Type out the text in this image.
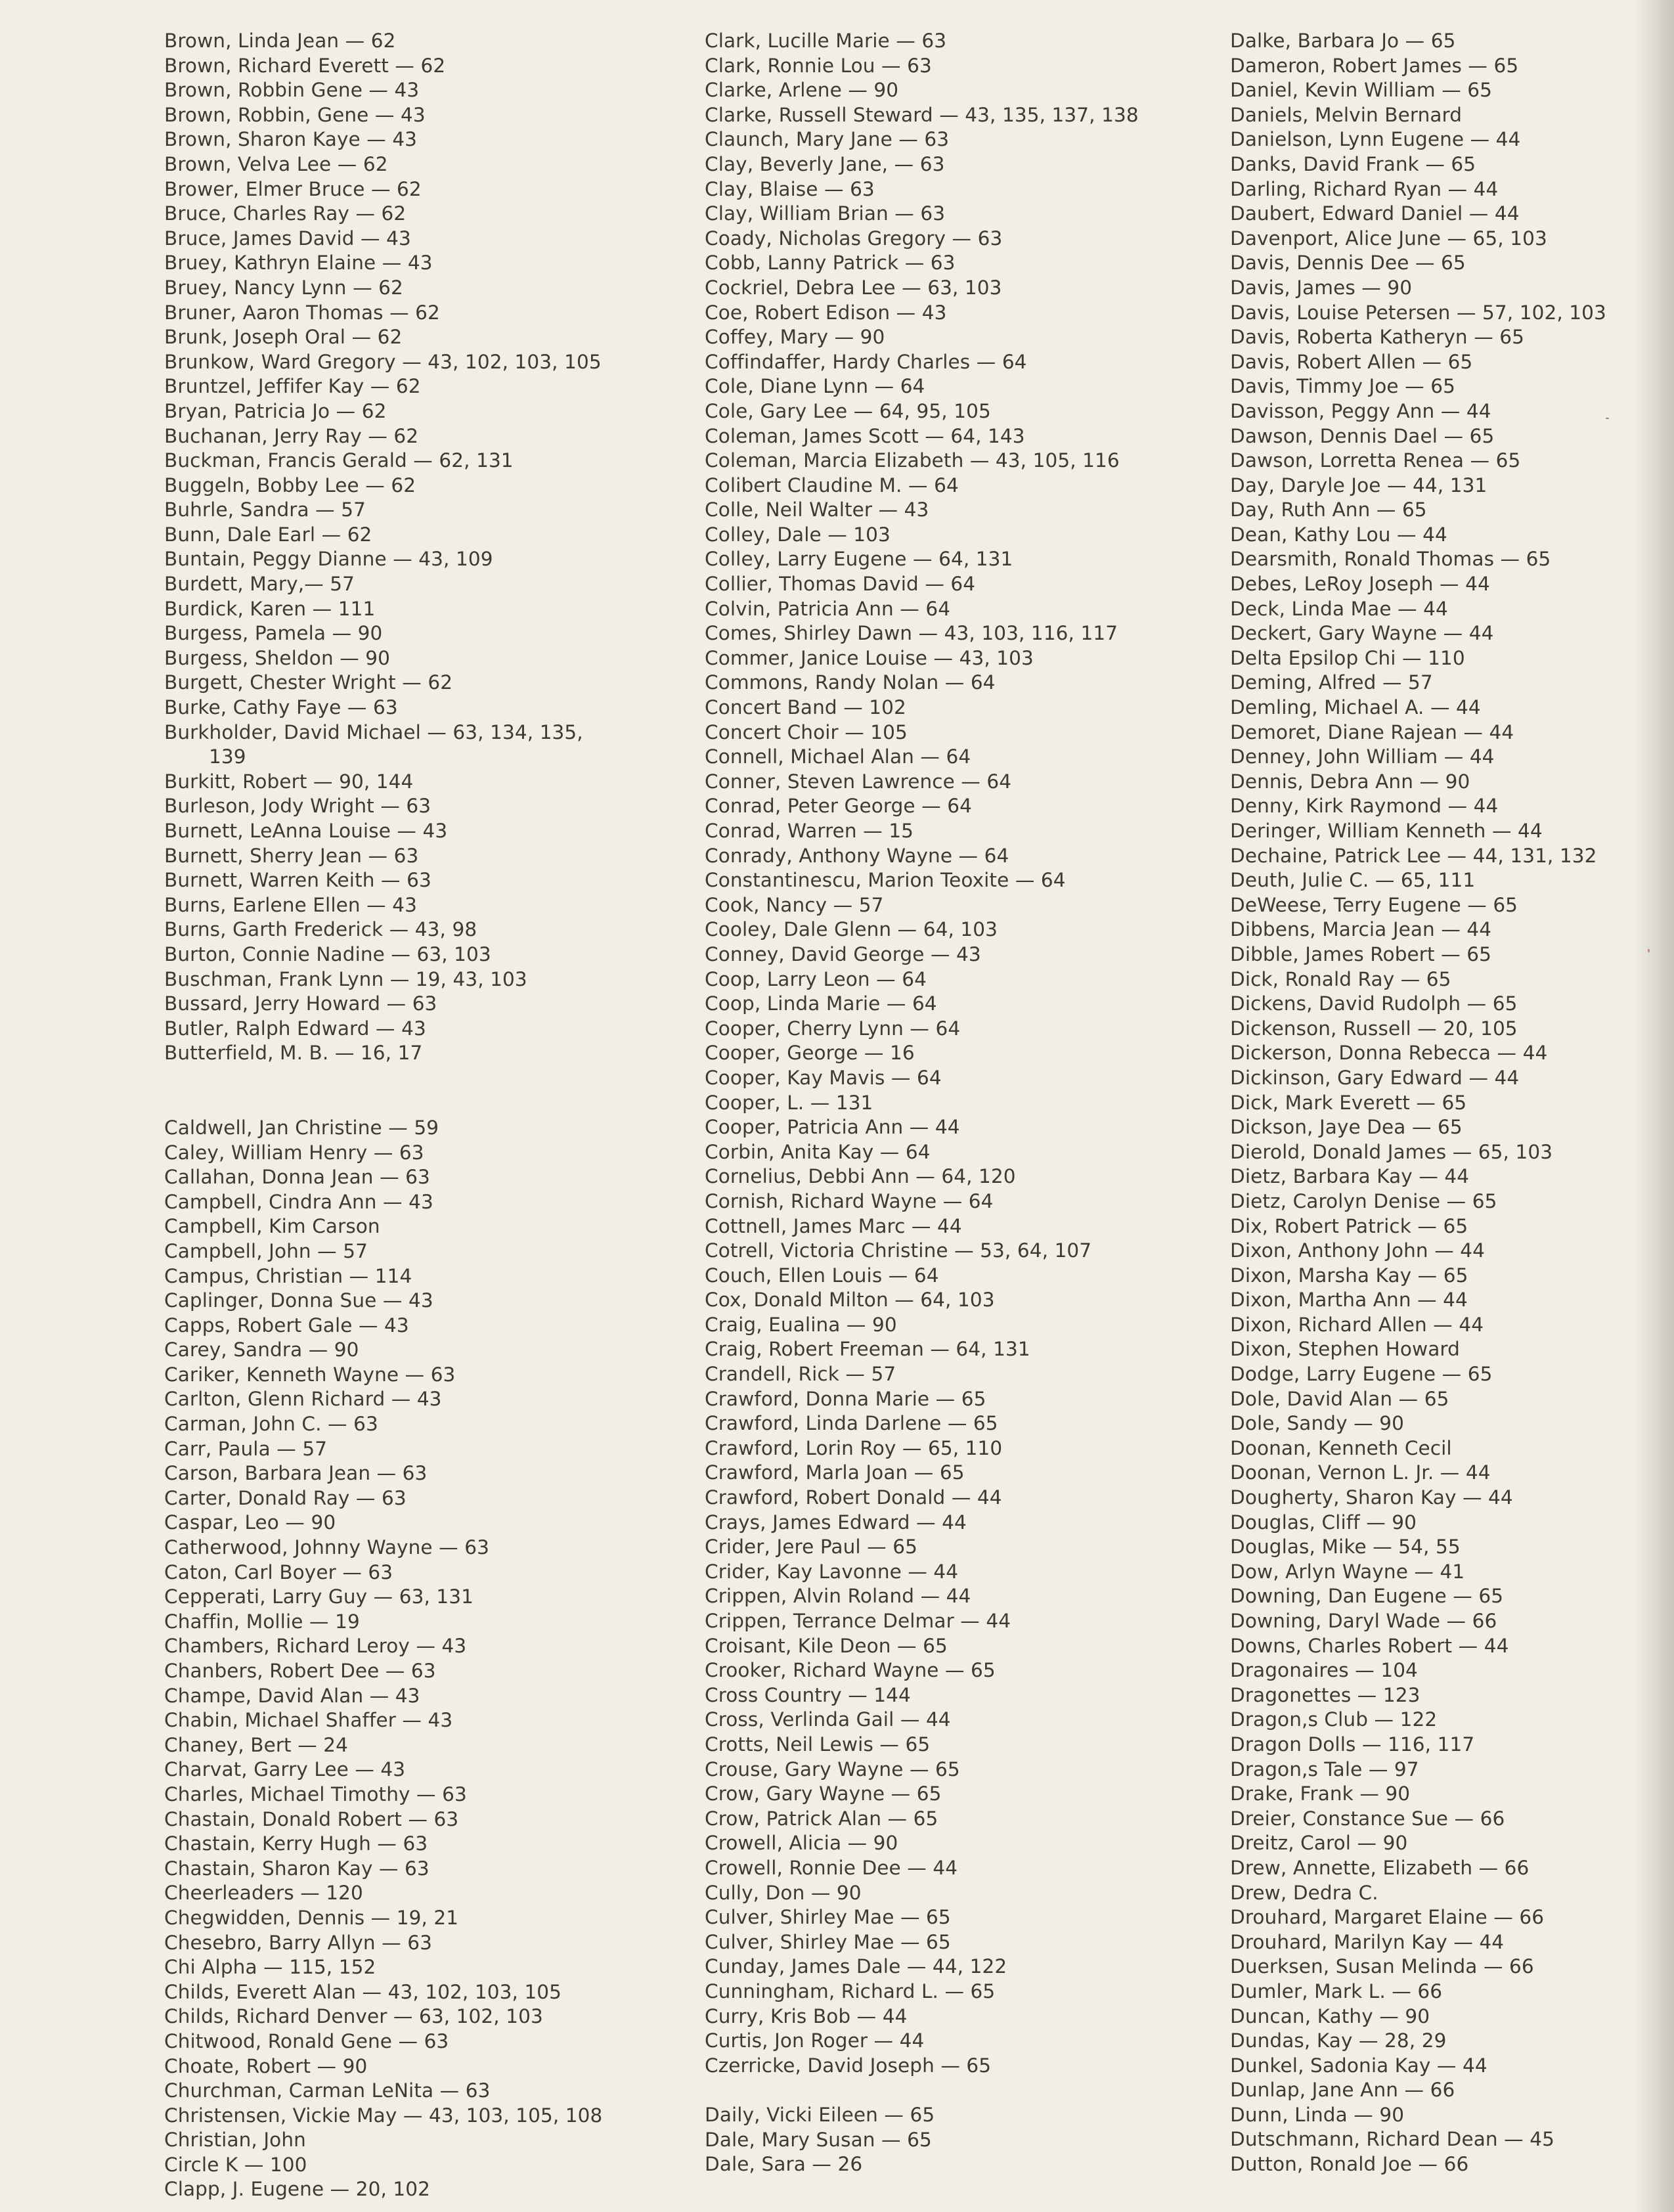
Brown, Linda Jean — 62
Brown, Richard Everett — 62
Brown, Robbin Gene — 43
Brown, Robbin, Gene — 43
Brown, Sharon Kaye — 43
Brown, Velva Lee — 62
Brower, Elmer Bruce — 62
Bruce, Charles Ray — 62
Bruce, James David — 43
Bruey, Kathryn Elaine — 43
Bruey, Nancy Lynn — 62
Bruner, Aaron Thomas — 62
Brunk, Joseph Oral — 62
Brunkow, Ward Gregory — 43, 102, 103, 105
Bruntzel, Jeffifer Kay — 62
Bryan, Patricia Jo — 62
Buchanan, Jerry Ray — 62
Buckman, Francis Gerald — 62, 131
Buggeln, Bobby Lee — 62
Buhrle, Sandra — 57
Bunn, Dale Earl — 62
Buntain, Peggy Dianne — 43, 109
Burdett, Mary,— 57
Burdick, Karen — 111
Burgess, Pamela — 90
Burgess, Sheldon — 90
Burgett, Chester Wright — 62
Burke, Cathy Faye — 63
Burkholder, David Michael — 63, 134, 135,
139
Burkitt, Robert — 90, 144
Burleson, Jody Wright — 63
Burnett, LeAnna Louise — 43
Burnett, Sherry Jean — 63
Burnett, Warren Keith — 63
Burns, Earlene Ellen — 43
Burns, Garth Frederick — 43, 98
Burton, Connie Nadine — 63, 103
Buschman, Frank Lynn — 19, 43, 103
Bussard, Jerry Howard — 63
Butler, Ralph Edward — 43
Butterfield, M. B. — 16, 17
Caldwell, Jan Christine — 59
Caley, William Henry — 63
Callahan, Donna Jean — 63
Campbell, Cindra Ann — 43
Campbell, Kim Carson
Campbell, John — 57
Campus, Christian — 114
Caplinger, Donna Sue — 43
Capps, Robert Gale — 43
Carey, Sandra — 90
Cariker, Kenneth Wayne — 63
Carlton, Glenn Richard — 43
Carman, John C. — 63
Carr, Paula — 57
Carson, Barbara Jean — 63
Carter, Donald Ray — 63
Caspar, Leo — 90
Catherwood, Johnny Wayne — 63
Caton, Carl Boyer — 63
Cepperati, Larry Guy — 63, 131
Chaffin, Mollie — 19
Chambers, Richard Leroy — 43
Chanbers, Robert Dee — 63
Champe, David Alan — 43
Chabin, Michael Shaffer — 43
Chaney, Bert — 24
Charvat, Garry Lee — 43
Charles, Michael Timothy — 63
Chastain, Donald Robert — 63
Chastain, Kerry Hugh — 63
Chastain, Sharon Kay — 63
Cheerleaders — 120
Chegwidden, Dennis — 19, 21
Chesebro, Barry Allyn — 63
Chi Alpha — 115, 152
Childs, Everett Alan — 43, 102, 103, 105
Childs, Richard Denver — 63, 102, 103
Chitwood, Ronald Gene — 63
Choate, Robert — 90
Churchman, Carman LeNita — 63
Christensen, Vickie May — 43, 103, 105, 108
Christian, John
Circle K — 100
Clapp, J. Eugene — 20, 102
Clark, Lucille Marie — 63
Clark, Ronnie Lou — 63
Clarke, Arlene — 90
Clarke, Russell Steward — 43, 135, 137, 138
Claunch, Mary Jane — 63
Clay, Beverly Jane, — 63
Clay, Blaise — 63
Clay, William Brian — 63
Coady, Nicholas Gregory — 63
Cobb, Lanny Patrick — 63
Cockriel, Debra Lee — 63, 103
Coe, Robert Edison — 43
Coffey, Mary — 90
Coffindaffer, Hardy Charles — 64
Cole, Diane Lynn — 64
Cole, Gary Lee — 64, 95, 105
Coleman, James Scott — 64, 143
Coleman, Marcia Elizabeth — 43, 105, 116
Colibert Claudine M. — 64
Colle, Neil Walter — 43
Colley, Dale — 103
Colley, Larry Eugene — 64, 131
Collier, Thomas David — 64
Colvin, Patricia Ann — 64
Comes, Shirley Dawn — 43, 103, 116, 117
Commer, Janice Louise — 43, 103
Commons, Randy Nolan — 64
Concert Band — 102
Concert Choir — 105
Connell, Michael Alan — 64
Conner, Steven Lawrence — 64
Conrad, Peter George — 64
Conrad, Warren — 15
Conrady, Anthony Wayne — 64
Constantinescu, Marion Teoxite — 64
Cook, Nancy — 57
Cooley, Dale Glenn — 64, 103
Conney, David George — 43
Coop, Larry Leon — 64
Coop, Linda Marie — 64
Cooper, Cherry Lynn — 64
Cooper, George — 16
Cooper, Kay Mavis — 64
Cooper, L. — 131
Cooper, Patricia Ann — 44
Corbin, Anita Kay — 64
Cornelius, Debbi Ann — 64, 120
Cornish, Richard Wayne — 64
Cottnell, James Marc — 44
Cotrell, Victoria Christine — 53, 64, 107
Couch, Ellen Louis — 64
Cox, Donald Milton — 64, 103
Craig, Eualina — 90
Craig, Robert Freeman — 64, 131
Crandell, Rick — 57
Crawford, Donna Marie — 65
Crawford, Linda Darlene — 65
Crawford, Lorin Roy — 65, 110
Crawford, Marla Joan — 65
Crawford, Robert Donald — 44
Crays, James Edward — 44
Crider, Jere Paul — 65
Crider, Kay Lavonne — 44
Crippen, Alvin Roland — 44
Crippen, Terrance Delmar — 44
Croisant, Kile Deon — 65
Crooker, Richard Wayne — 65
Cross Country — 144
Cross, Verlinda Gail — 44
Crotts, Neil Lewis — 65
Crouse, Gary Wayne — 65
Crow, Gary Wayne — 65
Crow, Patrick Alan — 65
Crowell, Alicia — 90
Crowell, Ronnie Dee — 44
Cully, Don — 90
Culver, Shirley Mae — 65
Culver, Shirley Mae — 65
Cunday, James Dale — 44, 122
Cunningham, Richard L. — 65
Curry, Kris Bob — 44
Curtis, Jon Roger — 44
Czerricke, David Joseph — 65
Daily, Vicki Eileen — 65
Dale, Mary Susan — 65
Dale, Sara — 26
Dalke, Barbara Jo — 65
Dameron, Robert James — 65
Daniel, Kevin William — 65
Daniels, Melvin Bernard
Danielson, Lynn Eugene — 44
Danks, David Frank — 65
Darling, Richard Ryan — 44
Daubert, Edward Daniel — 44
Davenport, Alice June — 65, 103
Davis, Dennis Dee — 65
Davis, James — 90
Davis, Louise Petersen — 57, 102, 103
Davis, Roberta Katheryn — 65
Davis, Robert Allen — 65
Davis, Timmy Joe — 65
Davisson, Peggy Ann — 44
Dawson, Dennis Dael — 65
Dawson, Lorretta Renea — 65
Day, Daryle Joe — 44, 131
Day, Ruth Ann — 65
Dean, Kathy Lou — 44
Dearsmith, Ronald Thomas — 65
Debes, LeRoy Joseph — 44
Deck, Linda Mae — 44
Deckert, Gary Wayne — 44
Delta Epsilop Chi — 110
Deming, Alfred — 57
Demling, Michael A. — 44
Demoret, Diane Rajean — 44
Denney, John William — 44
Dennis, Debra Ann — 90
Denny, Kirk Raymond — 44
Deringer, William Kenneth — 44
Dechaine, Patrick Lee — 44, 131, 132
Deuth, Julie C. — 65, 111
DeWeese, Terry Eugene — 65
Dibbens, Marcia Jean — 44
Dibble, James Robert — 65
Dick, Ronald Ray — 65
Dickens, David Rudolph — 65
Dickenson, Russell — 20, 105
Dickerson, Donna Rebecca — 44
Dickinson, Gary Edward — 44
Dick, Mark Everett — 65
Dickson, Jaye Dea — 65
Dierold, Donald James — 65, 103
Dietz, Barbara Kay — 44
Dietz, Carolyn Denise — 65
Dix, Robert Patrick — 65
Dixon, Anthony John — 44
Dixon, Marsha Kay — 65
Dixon, Martha Ann — 44
Dixon, Richard Allen — 44
Dixon, Stephen Howard
Dodge, Larry Eugene — 65
Dole, David Alan — 65
Dole, Sandy — 90
Doonan, Kenneth Cecil
Doonan, Vernon L. Jr. — 44
Dougherty, Sharon Kay — 44
Douglas, Cliff — 90
Douglas, Mike — 54, 55
Dow, Arlyn Wayne — 41
Downing, Dan Eugene — 65
Downing, Daryl Wade — 66
Downs, Charles Robert — 44
Dragonaires — 104
Dragonettes — 123
Dragon,s Club — 122
Dragon Dolls — 116, 117
Dragon,s Tale — 97
Drake, Frank — 90
Dreier, Constance Sue — 66
Dreitz, Carol — 90
Drew, Annette, Elizabeth — 66
Drew, Dedra C.
Drouhard, Margaret Elaine — 66
Drouhard, Marilyn Kay — 44
Duerksen, Susan Melinda — 66
Dumler, Mark L. — 66
Duncan, Kathy — 90
Dundas, Kay — 28, 29
Dunkel, Sadonia Kay — 44
Dunlap, Jane Ann — 66
Dunn, Linda — 90
Dutschmann, Richard Dean — 45
Dutton, Ronald Joe — 66
